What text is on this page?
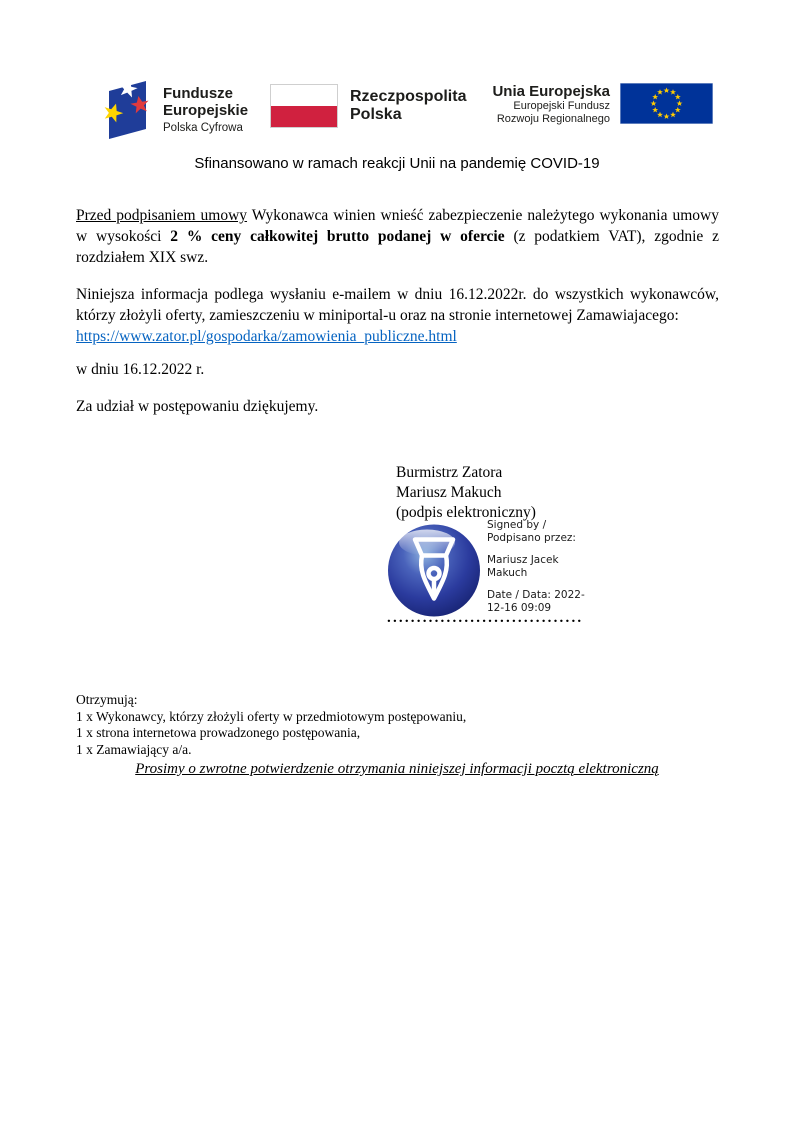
Fundusze
Europejskie
Polska Cyfrowa
Rzeczpospolita
Polska
Unia Europejska
Europejski Fundusz
Rozwoju Regionalnego
Sfinansowano w ramach reakcji Unii na pandemię COVID-19

Przed podpisaniem umowy Wykonawca winien wnieść zabezpieczenie należytego wykonania umowy w wysokości 2 % ceny całkowitej brutto podanej w ofercie (z podatkiem VAT), zgodnie z rozdziałem XIX swz.

Niniejsza informacja podlega wysłaniu e-mailem w dniu 16.12.2022r. do wszystkich wykonawców, którzy złożyli oferty, zamieszczeniu w miniportal-u oraz na stronie internetowej Zamawiajacego:
https://www.zator.pl/gospodarka/zamowienia_publiczne.html

w dniu 16.12.2022 r.
Za udział w postępowaniu dziękujemy.
Burmistrz Zatora
Mariusz Makuch
(podpis elektroniczny)
Signed by /
Podpisano przez:
Mariusz Jacek
Makuch
Date / Data: 2022-
12-16 09:09
.................................
Otrzymują:
1 x Wykonawcy, którzy złożyli oferty w przedmiotowym postępowaniu,
1 x strona internetowa prowadzonego postępowania,
1 x Zamawiający a/a.
Prosimy o zwrotne potwierdzenie otrzymania niniejszej informacji pocztą elektroniczną
